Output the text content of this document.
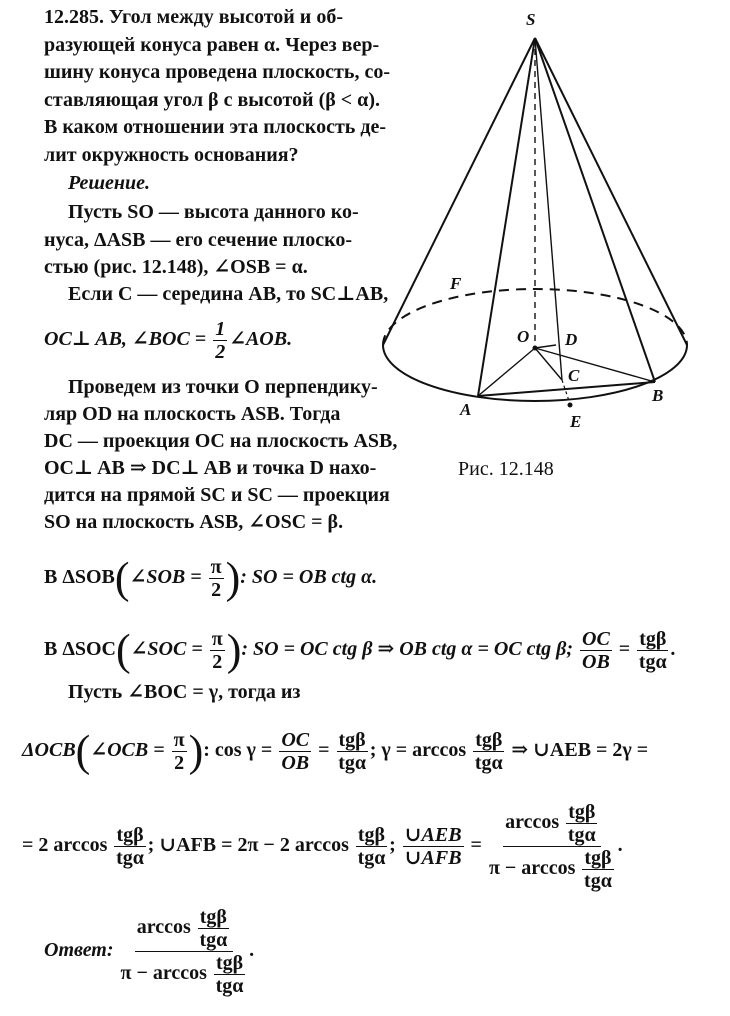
12.285. Угол между высотой и об-
разующей конуса равен α. Через вер-
шину конуса проведена плоскость, со-
ставляющая угол β с высотой (β < α).
В каком отношении эта плоскость де-
лит окружность основания?
Решение.
Пусть SO — высота данного ко-
нуса, ΔASB — его сечение плоско-
стью (рис. 12.148), ∠OSB = α.
Если C — середина AB, то SC⊥AB,
OC⊥ AB, ∠BOC = $\frac{1}{2}$ ∠AOB.
Проведем из точки O перпендику-
ляр OD на плоскость ASB. Тогда
DC — проекция OC на плоскость ASB,
OC⊥ AB ⇒ DC⊥ AB и точка D нахо-
дится на прямой SC и SC — проекция
SO на плоскость ASB, ∠OSC = β.
В ΔSOB(∠SOB = $\frac{\pi}{2}$ ): SO = OB ctg α.
В ΔSOC(∠SOC = $\frac{\pi}{2}$ ): SO = OC ctg β ⇒ OB ctg α = OC ctg β; $\frac{OC}{OB} = tg\beta$
tgα
.
Пусть ∠BOC = γ, тогда из
ΔOCB(∠OCB = $\frac{\pi}{2}$ ): $\cos \gamma = \frac{OC}{OB} = tg\beta$
tgα
; γ = arccos tgβ
tgα
⇒ ∪AEB = 2γ =
= 2 arccos tgβ
tgα
; ∪AFB = 2π − 2 arccos tgβ
tgα
; ∪AEB
∪AFB
=
arccos tgβ
tgα
π − arccos tgβ
tgα
.
Ответ:
arccos tgβ
tgα
π − arccos tgβ
tgα
.
S
F
O D
C
B
A
E
Рис. 12.148
